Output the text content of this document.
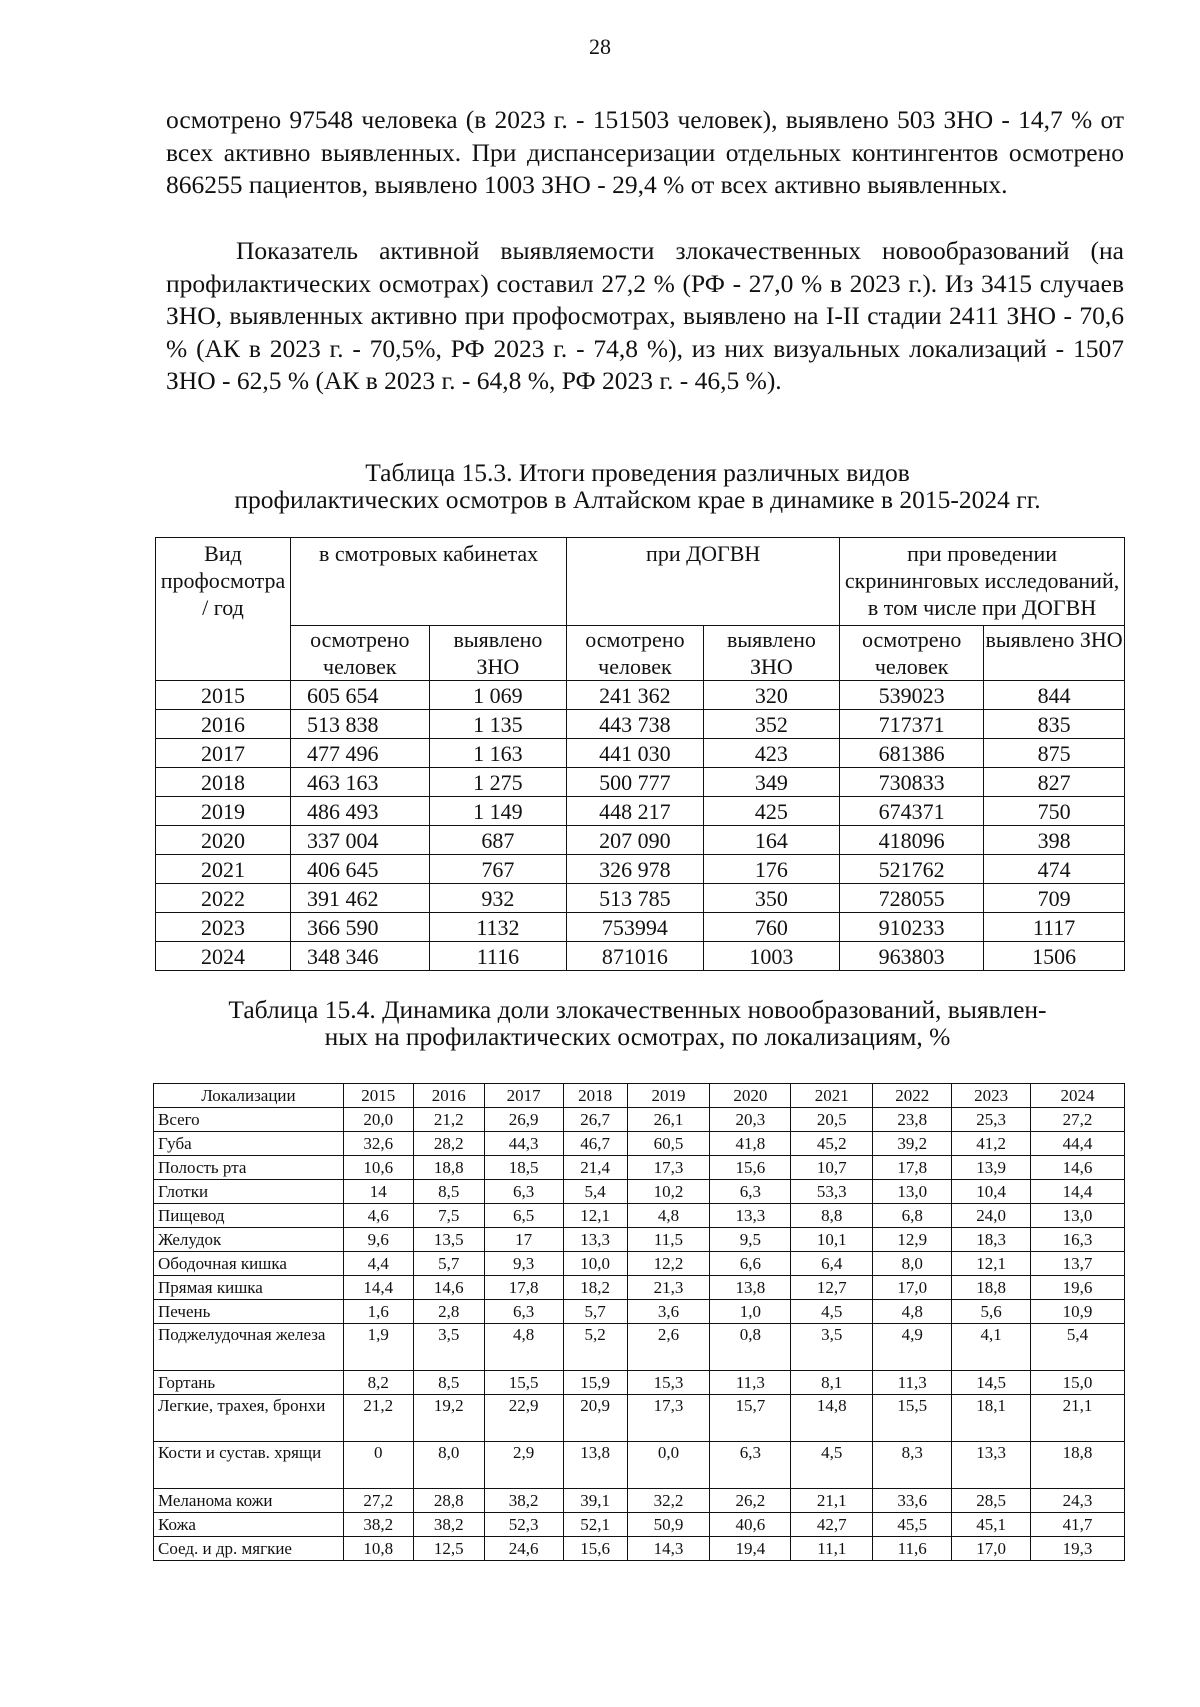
28

осмотрено 97548 человека (в 2023 г. - 151503 человек), выявлено 503 ЗНО - 14,7 % от всех активно выявленных. При диспансеризации отдельных контингентов осмотрено 866255 пациентов, выявлено 1003 ЗНО - 29,4 % от всех активно выявленных.

Показатель активной выявляемости злокачественных новообразований (на профилактических осмотрах) составил 27,2 % (РФ - 27,0 % в 2023 г.). Из 3415 случаев ЗНО, выявленных активно при профосмотрах, выявлено на I-II стадии 2411 ЗНО - 70,6 % (АК в 2023 г. - 70,5%, РФ 2023 г. - 74,8 %), из них визуальных локализаций - 1507 ЗНО - 62,5 % (АК в 2023 г. - 64,8 %, РФ 2023 г. - 46,5 %).

Таблица 15.3. Итоги проведения различных видов
профилактических осмотров в Алтайском крае в динамике в 2015-2024 гг.
Вид профосмотра / год	в смотровых кабинетах		при ДОГВН		при проведении скрининговых исследований, в том числе при ДОГВН	
	осмотрено человек	выявлено ЗНО	осмотрено человек	выявлено ЗНО	осмотрено человек	выявлено ЗНО
2015	605 654	1 069	241 362	320	539023	844
2016	513 838	1 135	443 738	352	717371	835
2017	477 496	1 163	441 030	423	681386	875
2018	463 163	1 275	500 777	349	730833	827
2019	486 493	1 149	448 217	425	674371	750
2020	337 004	687	207 090	164	418096	398
2021	406 645	767	326 978	176	521762	474
2022	391 462	932	513 785	350	728055	709
2023	366 590	1132	753994	760	910233	1117
2024	348 346	1116	871016	1003	963803	1506
Таблица 15.4. Динамика доли злокачественных новообразований, выявлен-
ных на профилактических осмотрах, по локализациям, %
Локализации	2015	2016	2017	2018	2019	2020	2021	2022	2023	2024
Всего	20,0	21,2	26,9	26,7	26,1	20,3	20,5	23,8	25,3	27,2
Губа	32,6	28,2	44,3	46,7	60,5	41,8	45,2	39,2	41,2	44,4
Полость рта	10,6	18,8	18,5	21,4	17,3	15,6	10,7	17,8	13,9	14,6
Глотки	14	8,5	6,3	5,4	10,2	6,3	53,3	13,0	10,4	14,4
Пищевод	4,6	7,5	6,5	12,1	4,8	13,3	8,8	6,8	24,0	13,0
Желудок	9,6	13,5	17	13,3	11,5	9,5	10,1	12,9	18,3	16,3
Ободочная кишка	4,4	5,7	9,3	10,0	12,2	6,6	6,4	8,0	12,1	13,7
Прямая кишка	14,4	14,6	17,8	18,2	21,3	13,8	12,7	17,0	18,8	19,6
Печень	1,6	2,8	6,3	5,7	3,6	1,0	4,5	4,8	5,6	10,9
Поджелудочная железа	1,9	3,5	4,8	5,2	2,6	0,8	3,5	4,9	4,1	5,4
Гортань	8,2	8,5	15,5	15,9	15,3	11,3	8,1	11,3	14,5	15,0
Легкие, трахея, бронхи	21,2	19,2	22,9	20,9	17,3	15,7	14,8	15,5	18,1	21,1
Кости и сустав. хрящи	0	8,0	2,9	13,8	0,0	6,3	4,5	8,3	13,3	18,8
Меланома кожи	27,2	28,8	38,2	39,1	32,2	26,2	21,1	33,6	28,5	24,3
Кожа	38,2	38,2	52,3	52,1	50,9	40,6	42,7	45,5	45,1	41,7
Соед. и др. мягкие	10,8	12,5	24,6	15,6	14,3	19,4	11,1	11,6	17,0	19,3
